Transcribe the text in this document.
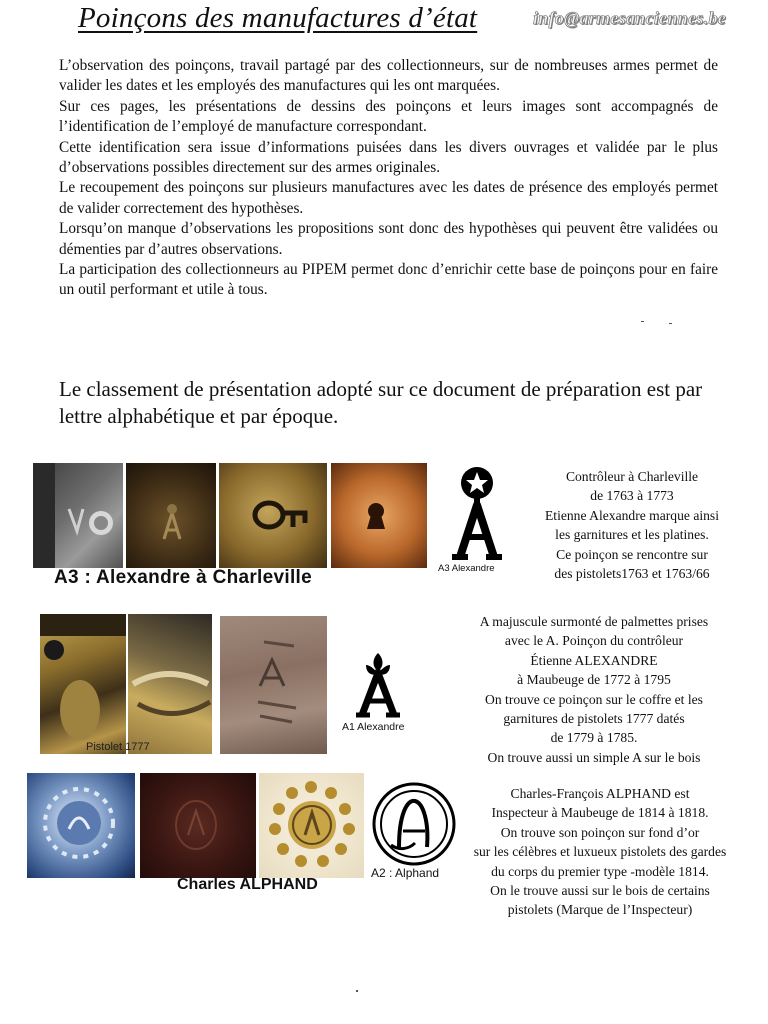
Poinçons des manufactures d’état	info@armesanciennes.be

L’observation des poinçons, travail partagé par des collectionneurs, sur de nombreuses armes permet de valider les dates et les employés des manufactures qui les ont marquées.

Sur ces pages, les présentations de dessins des poinçons et leurs images sont accompagnés de l’identification de l’employé de manufacture correspondant.

Cette identification sera issue d’informations puisées dans les divers ouvrages et validée par le plus d’observations possibles directement sur des armes originales.

Le recoupement des poinçons sur plusieurs manufactures avec les dates de présence des employés permet de valider correctement des hypothèses.

Lorsqu’on manque d’observations les propositions sont donc des hypothèses qui peuvent être validées ou démenties par d’autres observations.

La participation des collectionneurs au PIPEM permet donc d’enrichir cette base de poinçons pour en faire un outil performant et utile à tous.

Le classement de présentation adopté sur ce document de préparation est par lettre alphabétique et par époque.

A3 : Alexandre à Charleville	A3 Alexandre
Contrôleur à Charleville
de 1763 à 1773
Etienne Alexandre marque ainsi
les garnitures et les platines.
Ce poinçon se rencontre sur
des pistolets1763 et 1763/66
Pistolet 1777
A1 Alexandre
A majuscule surmonté de palmettes prises
avec le A. Poinçon du contrôleur
Étienne ALEXANDRE
à Maubeuge de 1772 à 1795
On trouve ce poinçon sur le coffre et les
garnitures de pistolets 1777 datés
de 1779 à 1785.
On trouve aussi un simple A sur le bois
Charles ALPHAND
A2 : Alphand
Charles-François ALPHAND est
Inspecteur à Maubeuge de 1814 à 1818.
On trouve son poinçon sur fond d’or
sur les célèbres et luxueux pistolets des gardes
du corps du premier type -modèle 1814.
On le trouve aussi sur le bois de certains
pistolets (Marque de l’Inspecteur)
